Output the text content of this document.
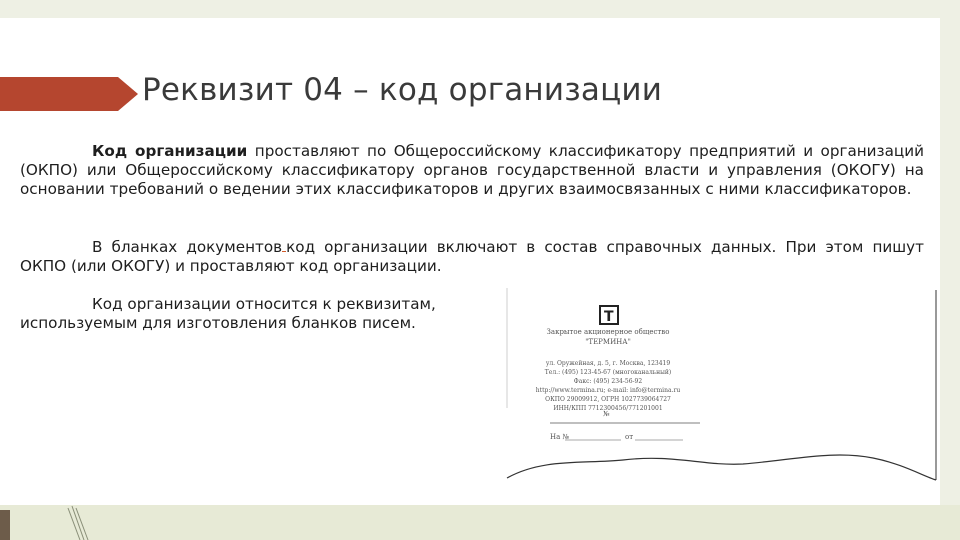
Реквизит 04 – код организации

Код организации проставляют по Общероссийскому классификатору предприятий и организаций (ОКПО) или Общероссийскому классификатору органов государственной власти и управления (ОКОГУ) на основании требований о ведении этих классификаторов и других взаимосвязанных с ними классификаторов.

В бланках документов код организации включают в состав справочных данных. При этом пишут ОКПО (или ОКОГУ) и проставляют код организации.

Код организации относится к реквизитам, используемым для изготовления бланков писем.	Т
Закрытое акционерное общество
"ТЕРМИНА"
ул. Оружейная, д. 5, г. Москва, 123419
Тел.: (495) 123-45-67 (многоканальный)
Факс: (495) 234-56-92
http://www.termina.ru; e-mail: info@termina.ru
ОКПО 29009912, ОГРН 1027739064727
ИНН/КПП 7712300456/771201001
№
На №	от
